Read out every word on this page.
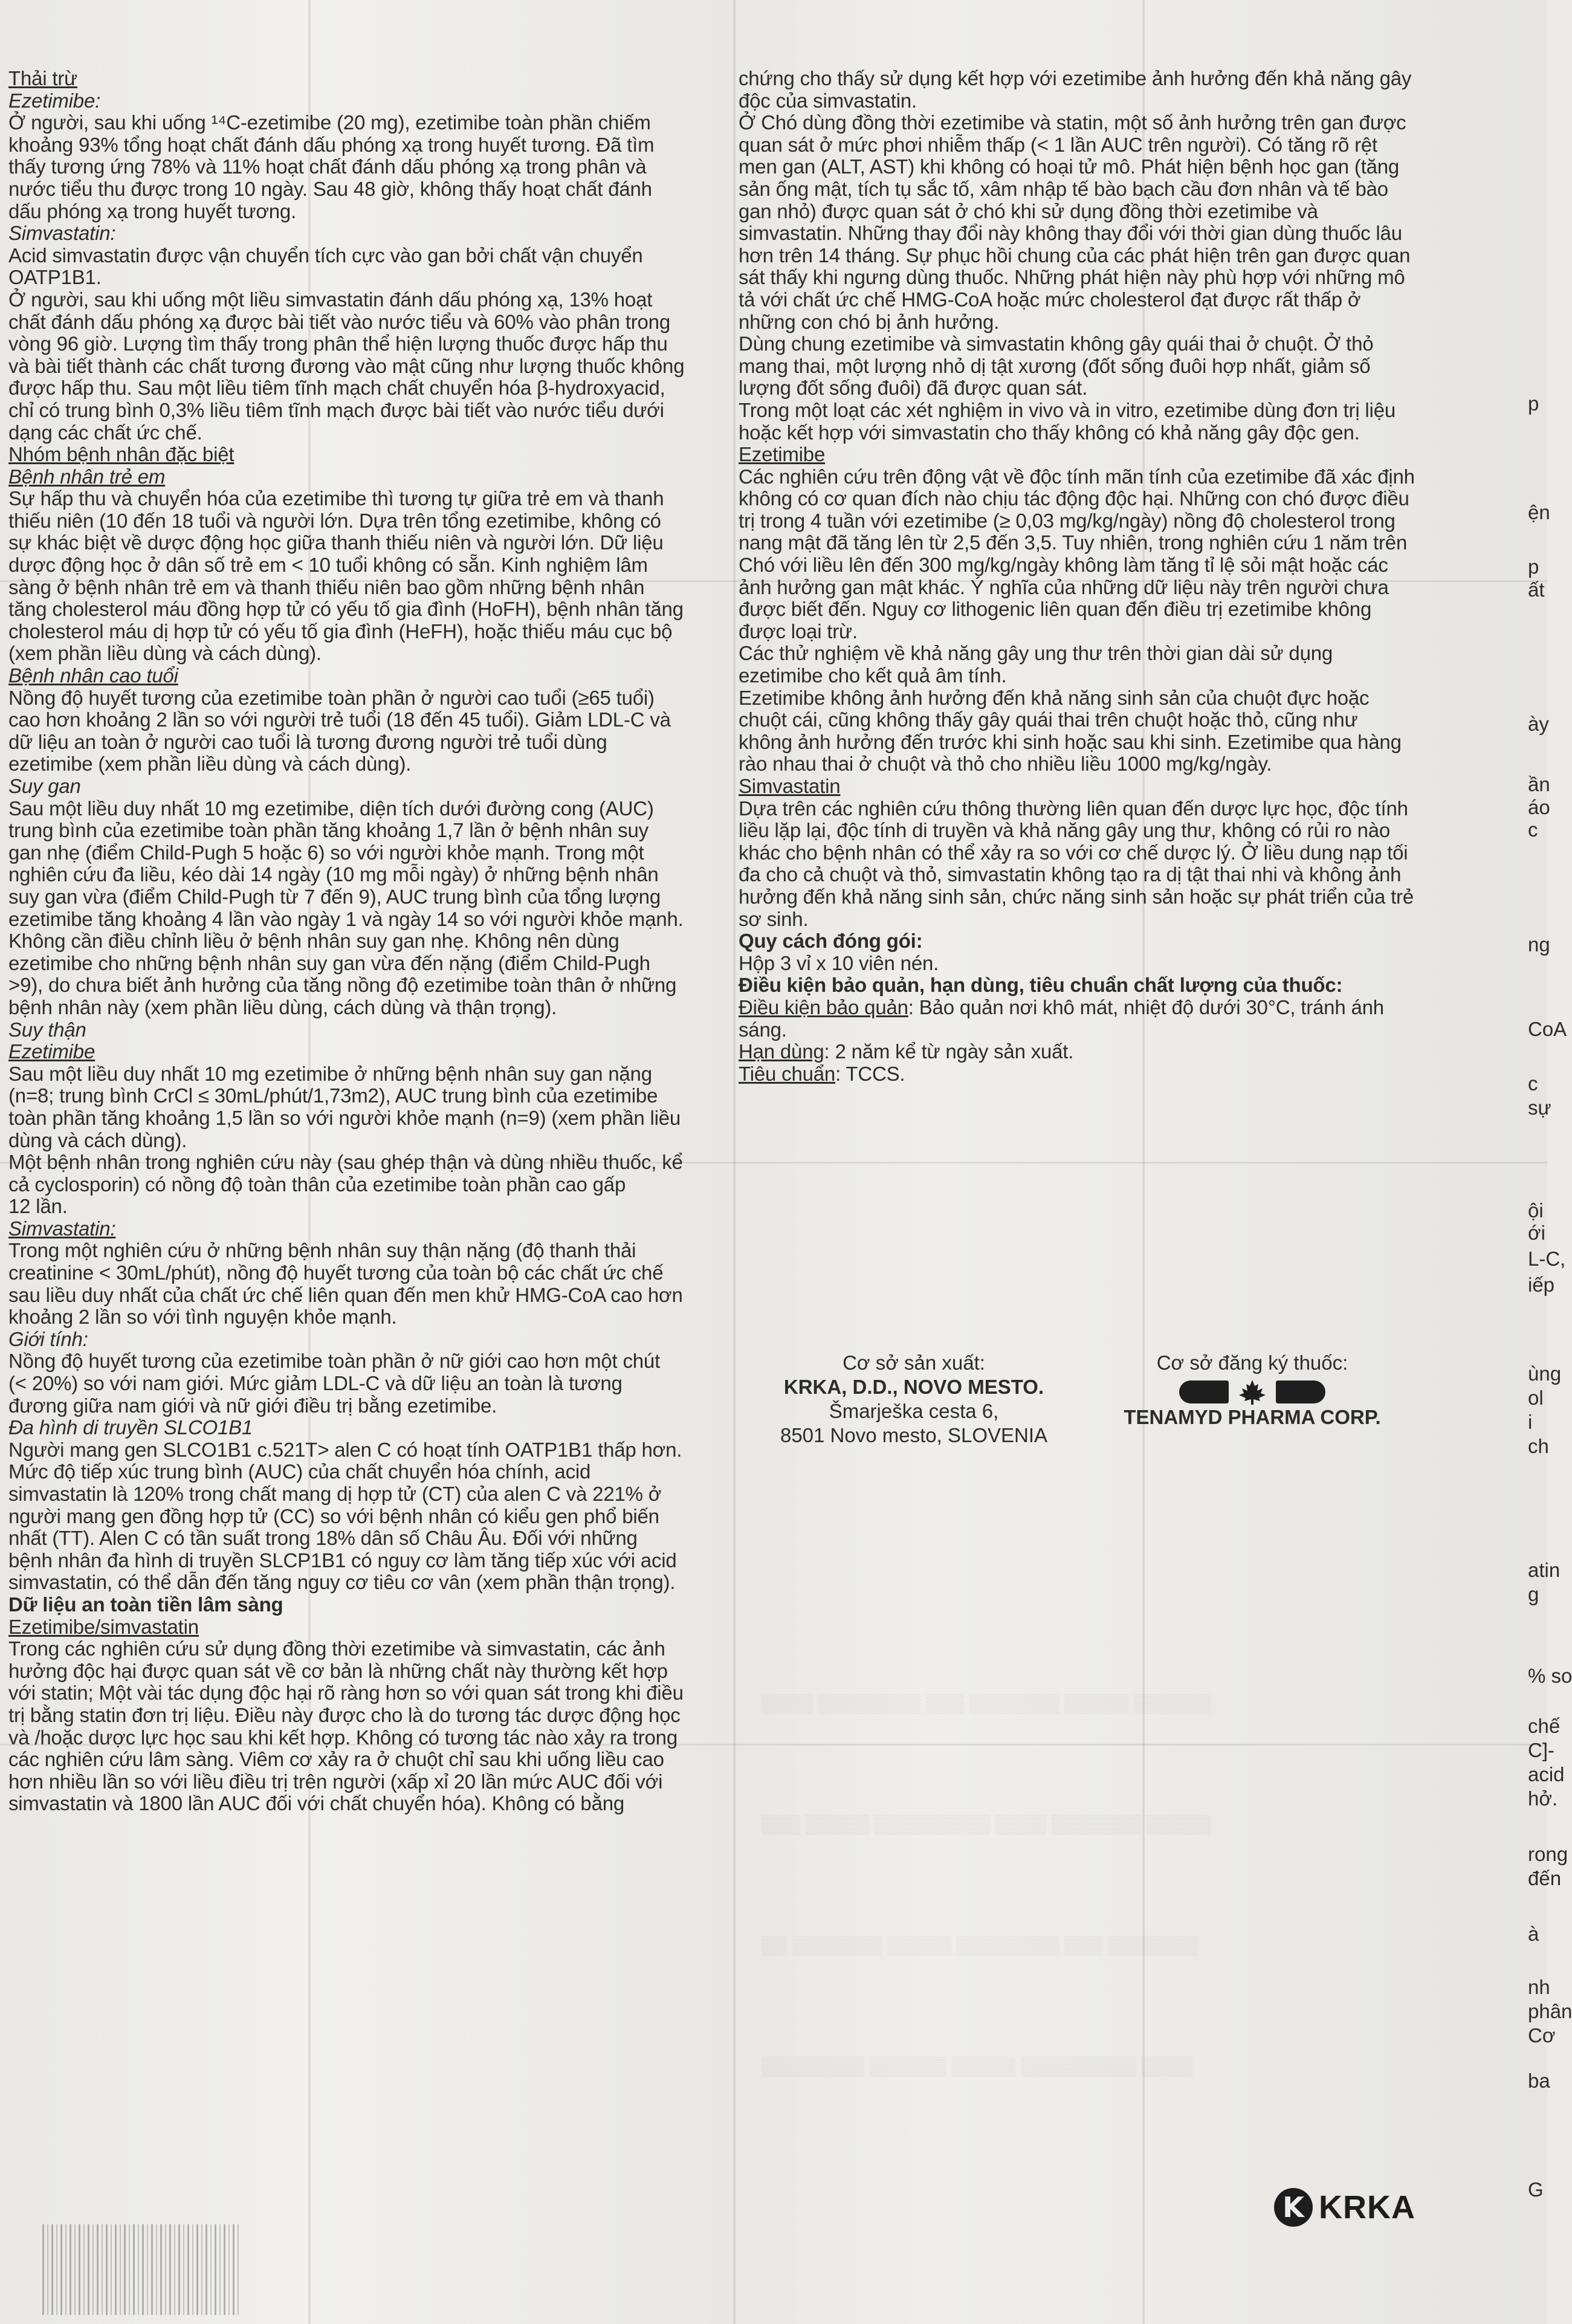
▒▒▒▒▒▒ ▒▒▒▒▒ ▒▒▒▒▒▒▒ ▒▒▒ ▒▒▒▒▒▒▒▒ ▒▒▒▒
▒▒▒▒▒ ▒▒▒▒▒▒▒ ▒▒▒▒ ▒▒▒▒▒▒▒▒▒ ▒▒▒▒▒ ▒▒▒
▒▒▒▒▒▒▒ ▒▒▒ ▒▒▒▒▒▒▒▒ ▒▒▒▒▒ ▒▒▒▒▒▒▒ ▒▒
▒▒▒▒ ▒▒▒▒▒▒▒▒▒ ▒▒▒▒▒ ▒▒▒▒▒▒ ▒▒▒▒▒▒▒▒
Thải trừ
Ezetimibe:
Ở người, sau khi uống ¹⁴C-ezetimibe (20 mg), ezetimibe toàn phần chiếm
khoảng 93% tổng hoạt chất đánh dấu phóng xạ trong huyết tương. Đã tìm
thấy tương ứng 78% và 11% hoạt chất đánh dấu phóng xạ trong phân và
nước tiểu thu được trong 10 ngày. Sau 48 giờ, không thấy hoạt chất đánh
dấu phóng xạ trong huyết tương.
Simvastatin:
Acid simvastatin được vận chuyển tích cực vào gan bởi chất vận chuyển
OATP1B1.
Ở người, sau khi uống một liều simvastatin đánh dấu phóng xạ, 13% hoạt
chất đánh dấu phóng xạ được bài tiết vào nước tiểu và 60% vào phân trong
vòng 96 giờ. Lượng tìm thấy trong phân thể hiện lượng thuốc được hấp thu
và bài tiết thành các chất tương đương vào mật cũng như lượng thuốc không
được hấp thu. Sau một liều tiêm tĩnh mạch chất chuyển hóa β-hydroxyacid,
chỉ có trung bình 0,3% liều tiêm tĩnh mạch được bài tiết vào nước tiểu dưới
dạng các chất ức chế.
Nhóm bệnh nhân đặc biệt
Bệnh nhân trẻ em
Sự hấp thu và chuyển hóa của ezetimibe thì tương tự giữa trẻ em và thanh
thiếu niên (10 đến 18 tuổi và người lớn. Dựa trên tổng ezetimibe, không có
sự khác biệt về dược động học giữa thanh thiếu niên và người lớn. Dữ liệu
dược động học ở dân số trẻ em < 10 tuổi không có sẵn. Kinh nghiệm lâm
sàng ở bệnh nhân trẻ em và thanh thiếu niên bao gồm những bệnh nhân
tăng cholesterol máu đồng hợp tử có yếu tố gia đình (HoFH), bệnh nhân tăng
cholesterol máu dị hợp tử có yếu tố gia đình (HeFH), hoặc thiếu máu cục bộ
(xem phần liều dùng và cách dùng).
Bệnh nhân cao tuổi
Nồng độ huyết tương của ezetimibe toàn phần ở người cao tuổi (≥65 tuổi)
cao hơn khoảng 2 lần so với người trẻ tuổi (18 đến 45 tuổi). Giảm LDL-C và
dữ liệu an toàn ở người cao tuổi là tương đương người trẻ tuổi dùng
ezetimibe (xem phần liều dùng và cách dùng).
Suy gan
Sau một liều duy nhất 10 mg ezetimibe, diện tích dưới đường cong (AUC)
trung bình của ezetimibe toàn phần tăng khoảng 1,7 lần ở bệnh nhân suy
gan nhẹ (điểm Child-Pugh 5 hoặc 6) so với người khỏe mạnh. Trong một
nghiên cứu đa liều, kéo dài 14 ngày (10 mg mỗi ngày) ở những bệnh nhân
suy gan vừa (điểm Child-Pugh từ 7 đến 9), AUC trung bình của tổng lượng
ezetimibe tăng khoảng 4 lần vào ngày 1 và ngày 14 so với người khỏe mạnh.
Không cần điều chỉnh liều ở bệnh nhân suy gan nhẹ. Không nên dùng
ezetimibe cho những bệnh nhân suy gan vừa đến nặng (điểm Child-Pugh
>9), do chưa biết ảnh hưởng của tăng nồng độ ezetimibe toàn thân ở những
bệnh nhân này (xem phần liều dùng, cách dùng và thận trọng).
Suy thận
Ezetimibe
Sau một liều duy nhất 10 mg ezetimibe ở những bệnh nhân suy gan nặng
(n=8; trung bình CrCl ≤ 30mL/phút/1,73m2), AUC trung bình của ezetimibe
toàn phần tăng khoảng 1,5 lần so với người khỏe mạnh (n=9) (xem phần liều
dùng và cách dùng).
Một bệnh nhân trong nghiên cứu này (sau ghép thận và dùng nhiều thuốc, kể
cả cyclosporin) có nồng độ toàn thân của ezetimibe toàn phần cao gấp
12 lần.
Simvastatin:
Trong một nghiên cứu ở những bệnh nhân suy thận nặng (độ thanh thải
creatinine < 30mL/phút), nồng độ huyết tương của toàn bộ các chất ức chế
sau liều duy nhất của chất ức chế liên quan đến men khử HMG-CoA cao hơn
khoảng 2 lần so với tình nguyện khỏe mạnh.
Giới tính:
Nồng độ huyết tương của ezetimibe toàn phần ở nữ giới cao hơn một chút
(< 20%) so với nam giới. Mức giảm LDL-C và dữ liệu an toàn là tương
đương giữa nam giới và nữ giới điều trị bằng ezetimibe.
Đa hình di truyền SLCO1B1
Người mang gen SLCO1B1 c.521T> alen C có hoạt tính OATP1B1 thấp hơn.
Mức độ tiếp xúc trung bình (AUC) của chất chuyển hóa chính, acid
simvastatin là 120% trong chất mang dị hợp tử (CT) của alen C và 221% ở
người mang gen đồng hợp tử (CC) so với bệnh nhân có kiểu gen phổ biến
nhất (TT). Alen C có tần suất trong 18% dân số Châu Âu. Đối với những
bệnh nhân đa hình di truyền SLCP1B1 có nguy cơ làm tăng tiếp xúc với acid
simvastatin, có thể dẫn đến tăng nguy cơ tiêu cơ vân (xem phần thận trọng).
Dữ liệu an toàn tiền lâm sàng
Ezetimibe/simvastatin
Trong các nghiên cứu sử dụng đồng thời ezetimibe và simvastatin, các ảnh
hưởng độc hại được quan sát về cơ bản là những chất này thường kết hợp
với statin; Một vài tác dụng độc hại rõ ràng hơn so với quan sát trong khi điều
trị bằng statin đơn trị liệu. Điều này được cho là do tương tác dược động học
và /hoặc dược lực học sau khi kết hợp. Không có tương tác nào xảy ra trong
các nghiên cứu lâm sàng. Viêm cơ xảy ra ở chuột chỉ sau khi uống liều cao
hơn nhiều lần so với liều điều trị trên người (xấp xỉ 20 lần mức AUC đối với
simvastatin và 1800 lần AUC đối với chất chuyển hóa). Không có bằng
chứng cho thấy sử dụng kết hợp với ezetimibe ảnh hưởng đến khả năng gây
độc của simvastatin.
Ở Chó dùng đồng thời ezetimibe và statin, một số ảnh hưởng trên gan được
quan sát ở mức phơi nhiễm thấp (< 1 lần AUC trên người). Có tăng rõ rệt
men gan (ALT, AST) khi không có hoại tử mô. Phát hiện bệnh học gan (tăng
sản ống mật, tích tụ sắc tố, xâm nhập tế bào bạch cầu đơn nhân và tế bào
gan nhỏ) được quan sát ở chó khi sử dụng đồng thời ezetimibe và
simvastatin. Những thay đổi này không thay đổi với thời gian dùng thuốc lâu
hơn trên 14 tháng. Sự phục hồi chung của các phát hiện trên gan được quan
sát thấy khi ngưng dùng thuốc. Những phát hiện này phù hợp với những mô
tả với chất ức chế HMG-CoA hoặc mức cholesterol đạt được rất thấp ở
những con chó bị ảnh hưởng.
Dùng chung ezetimibe và simvastatin không gây quái thai ở chuột. Ở thỏ
mang thai, một lượng nhỏ dị tật xương (đốt sống đuôi hợp nhất, giảm số
lượng đốt sống đuôi) đã được quan sát.
Trong một loạt các xét nghiệm in vivo và in vitro, ezetimibe dùng đơn trị liệu
hoặc kết hợp với simvastatin cho thấy không có khả năng gây độc gen.
Ezetimibe
Các nghiên cứu trên động vật về độc tính mãn tính của ezetimibe đã xác định
không có cơ quan đích nào chịu tác động độc hại. Những con chó được điều
trị trong 4 tuần với ezetimibe (≥ 0,03 mg/kg/ngày) nồng độ cholesterol trong
nang mật đã tăng lên từ 2,5 đến 3,5. Tuy nhiên, trong nghiên cứu 1 năm trên
Chó với liều lên đến 300 mg/kg/ngày không làm tăng tỉ lệ sỏi mật hoặc các
ảnh hưởng gan mật khác. Ý nghĩa của những dữ liệu này trên người chưa
được biết đến. Nguy cơ lithogenic liên quan đến điều trị ezetimibe không
được loại trừ.
Các thử nghiệm về khả năng gây ung thư trên thời gian dài sử dụng
ezetimibe cho kết quả âm tính.
Ezetimibe không ảnh hưởng đến khả năng sinh sản của chuột đực hoặc
chuột cái, cũng không thấy gây quái thai trên chuột hoặc thỏ, cũng như
không ảnh hưởng đến trước khi sinh hoặc sau khi sinh. Ezetimibe qua hàng
rào nhau thai ở chuột và thỏ cho nhiều liều 1000 mg/kg/ngày.
Simvastatin
Dựa trên các nghiên cứu thông thường liên quan đến dược lực học, độc tính
liều lặp lại, độc tính di truyền và khả năng gây ung thư, không có rủi ro nào
khác cho bệnh nhân có thể xảy ra so với cơ chế dược lý. Ở liều dung nạp tối
đa cho cả chuột và thỏ, simvastatin không tạo ra dị tật thai nhi và không ảnh
hưởng đến khả năng sinh sản, chức năng sinh sản hoặc sự phát triển của trẻ
sơ sinh.
Quy cách đóng gói:
Hộp 3 vỉ x 10 viên nén.
Điều kiện bảo quản, hạn dùng, tiêu chuẩn chất lượng của thuốc:
Điều kiện bảo quản: Bảo quản nơi khô mát, nhiệt độ dưới 30°C, tránh ánh
sáng.
Hạn dùng: 2 năm kể từ ngày sản xuất.
Tiêu chuẩn: TCCS.
Cơ sở sản xuất:
KRKA, D.D., NOVO MESTO.
Šmarješka cesta 6,
8501 Novo mesto, SLOVENIA
Cơ sở đăng ký thuốc:
TENAMYD PHARMA CORP.
K KRKA
p
ện
p
ất
ày
ần
áo
c
ng
CoA
c
sự
ội
ới
L-C,
iếp
ùng
ol
i
ch
atin
g
% so
chế
C]-
acid
hở.
rong
đến
à
nh
phân
Cơ
ba
G
